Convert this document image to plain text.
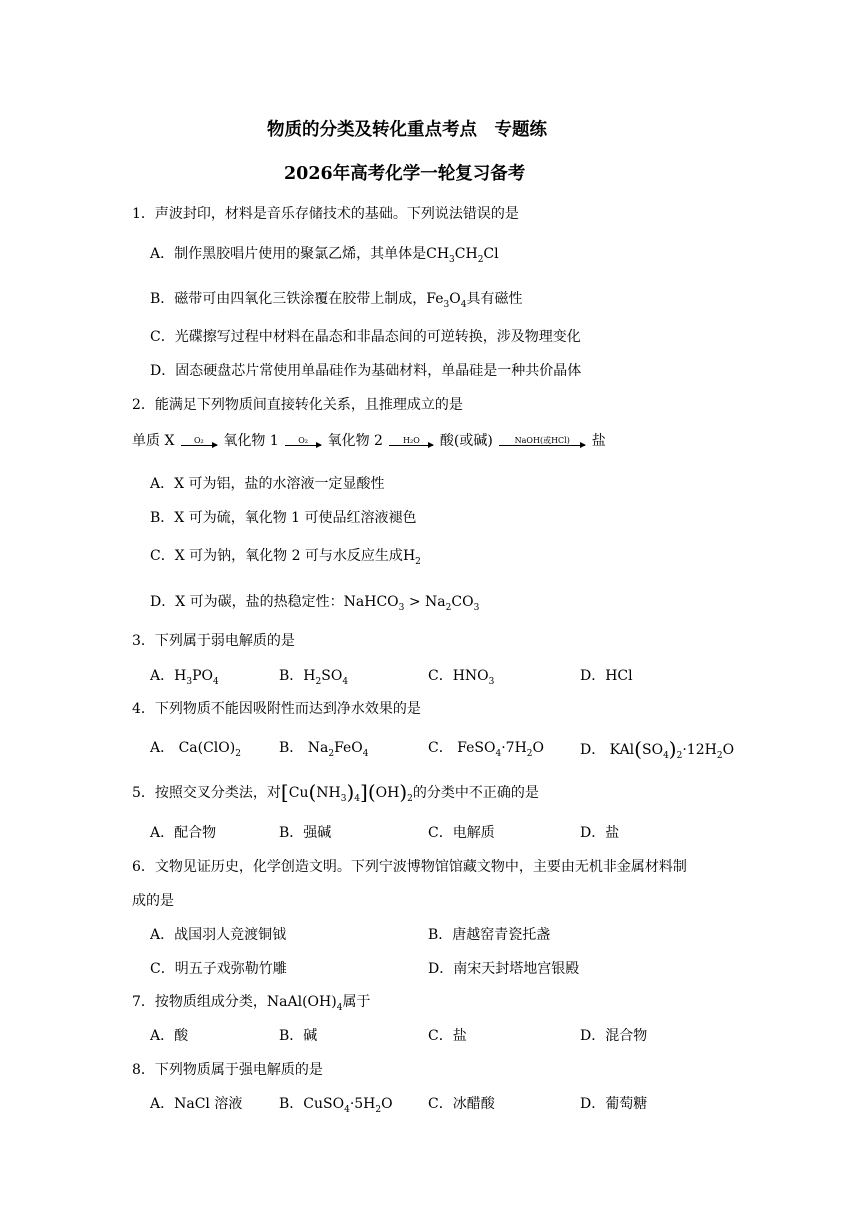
物质的分类及转化重点考点　专题练
2026年高考化学一轮复习备考
1．声波封印，材料是音乐存储技术的基础。下列说法错误的是
A．制作黑胶唱片使用的聚氯乙烯，其单体是$CH_3CH_2Cl$
B．磁带可由四氧化三铁涂覆在胶带上制成，$Fe_3O_4$具有磁性
C．光碟擦写过程中材料在晶态和非晶态间的可逆转换，涉及物理变化
D．固态硬盘芯片常使用单晶硅作为基础材料，单晶硅是一种共价晶体
2．能满足下列物质间直接转化关系，且推理成立的是
单质 X O₂ 氧化物 1 O₂ 氧化物 2	H₂O 酸(或碱)	NaOH(或HCl) 盐
A．X 可为铝，盐的水溶液一定显酸性
B．X 可为硫，氧化物 1 可使品红溶液褪色
C．X 可为钠，氧化物 2 可与水反应生成$H_2$
D．X 可为碳，盐的热稳定性：NaHCO$_3$ > $Na_2CO_3$
3．下列属于弱电解质的是
A．$H_3PO_4$	B．$H_2SO_4$	C．$HNO_3$	D．HCl
4．下列物质不能因吸附性而达到净水效果的是
A． $Ca(ClO)_2$	B． $Na_2FeO_4$	C． $FeSO_4\cdot 7H_2O$	D． $KAl(SO_4)_2\cdot 12H_2O$
5．按照交叉分类法，对$[Cu(NH_3)_4](OH)_2$的分类中不正确的是
A．配合物	B．强碱	C．电解质	D．盐
6．文物见证历史，化学创造文明。下列宁波博物馆馆藏文物中，主要由无机非金属材料制
成的是
A．战国羽人竞渡铜钺	B．唐越窑青瓷托盏
C．明五子戏弥勒竹雕	D．南宋天封塔地宫银殿
7．按物质组成分类，$NaAl(OH)_4$属于
A．酸	B．碱	C．盐	D．混合物
8．下列物质属于强电解质的是
A．NaCl 溶液	B．$CuSO_4\cdot 5H_2O$	C．冰醋酸	D．葡萄糖
